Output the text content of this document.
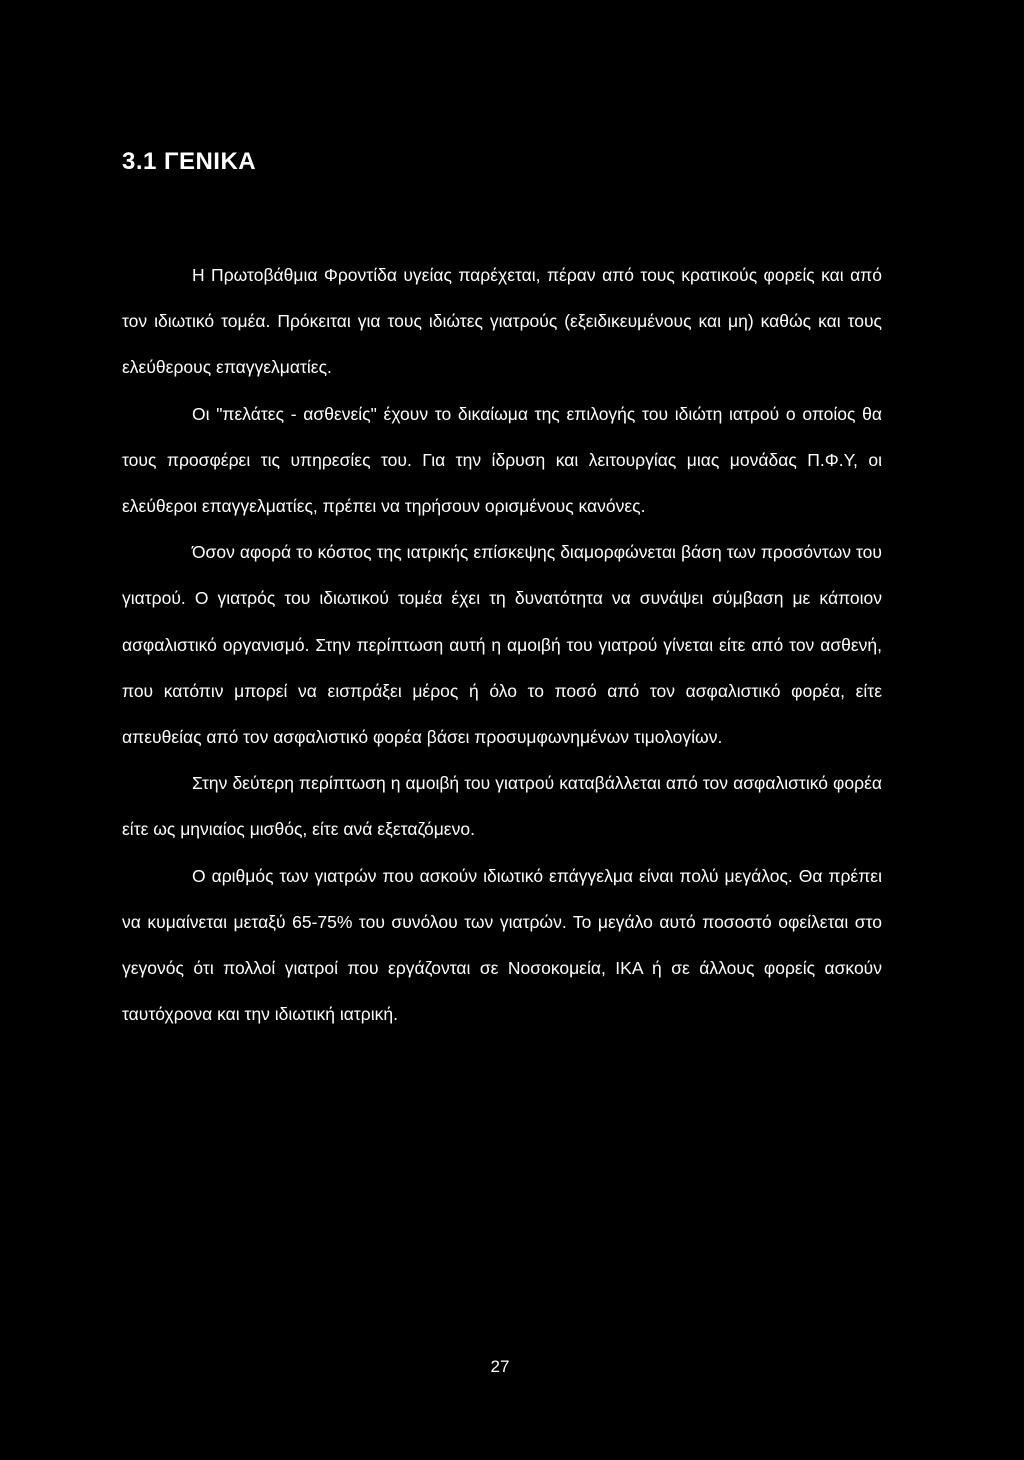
3.1 ΓΕΝΙΚΑ

Η Πρωτοβάθμια Φροντίδα υγείας παρέχεται, πέραν από τους κρατικούς φορείς και από τον ιδιωτικό τομέα. Πρόκειται για τους ιδιώτες γιατρούς (εξειδικευμένους και μη) καθώς και τους ελεύθερους επαγγελματίες.

Οι "πελάτες - ασθενείς" έχουν το δικαίωμα της επιλογής του ιδιώτη ιατρού ο οποίος θα τους προσφέρει τις υπηρεσίες του. Για την ίδρυση και λειτουργίας μιας μονάδας Π.Φ.Υ, οι ελεύθεροι επαγγελματίες, πρέπει να τηρήσουν ορισμένους κανόνες.

Όσον αφορά το κόστος της ιατρικής επίσκεψης διαμορφώνεται βάση των προσόντων του γιατρού. Ο γιατρός του ιδιωτικού τομέα έχει τη δυνατότητα να συνάψει σύμβαση με κάποιον ασφαλιστικό οργανισμό. Στην περίπτωση αυτή η αμοιβή του γιατρού γίνεται είτε από τον ασθενή, που κατόπιν μπορεί να εισπράξει μέρος ή όλο το ποσό από τον ασφαλιστικό φορέα, είτε απευθείας από τον ασφαλιστικό φορέα βάσει προσυμφωνημένων τιμολογίων.

Στην δεύτερη περίπτωση η αμοιβή του γιατρού καταβάλλεται από τον ασφαλιστικό φορέα είτε ως μηνιαίος μισθός, είτε ανά εξεταζόμενο.

Ο αριθμός των γιατρών που ασκούν ιδιωτικό επάγγελμα είναι πολύ μεγάλος. Θα πρέπει να κυμαίνεται μεταξύ 65-75% του συνόλου των γιατρών. Το μεγάλο αυτό ποσοστό οφείλεται στο γεγονός ότι πολλοί γιατροί που εργάζονται σε Νοσοκομεία, ΙΚΑ ή σε άλλους φορείς ασκούν ταυτόχρονα και την ιδιωτική ιατρική.

27
